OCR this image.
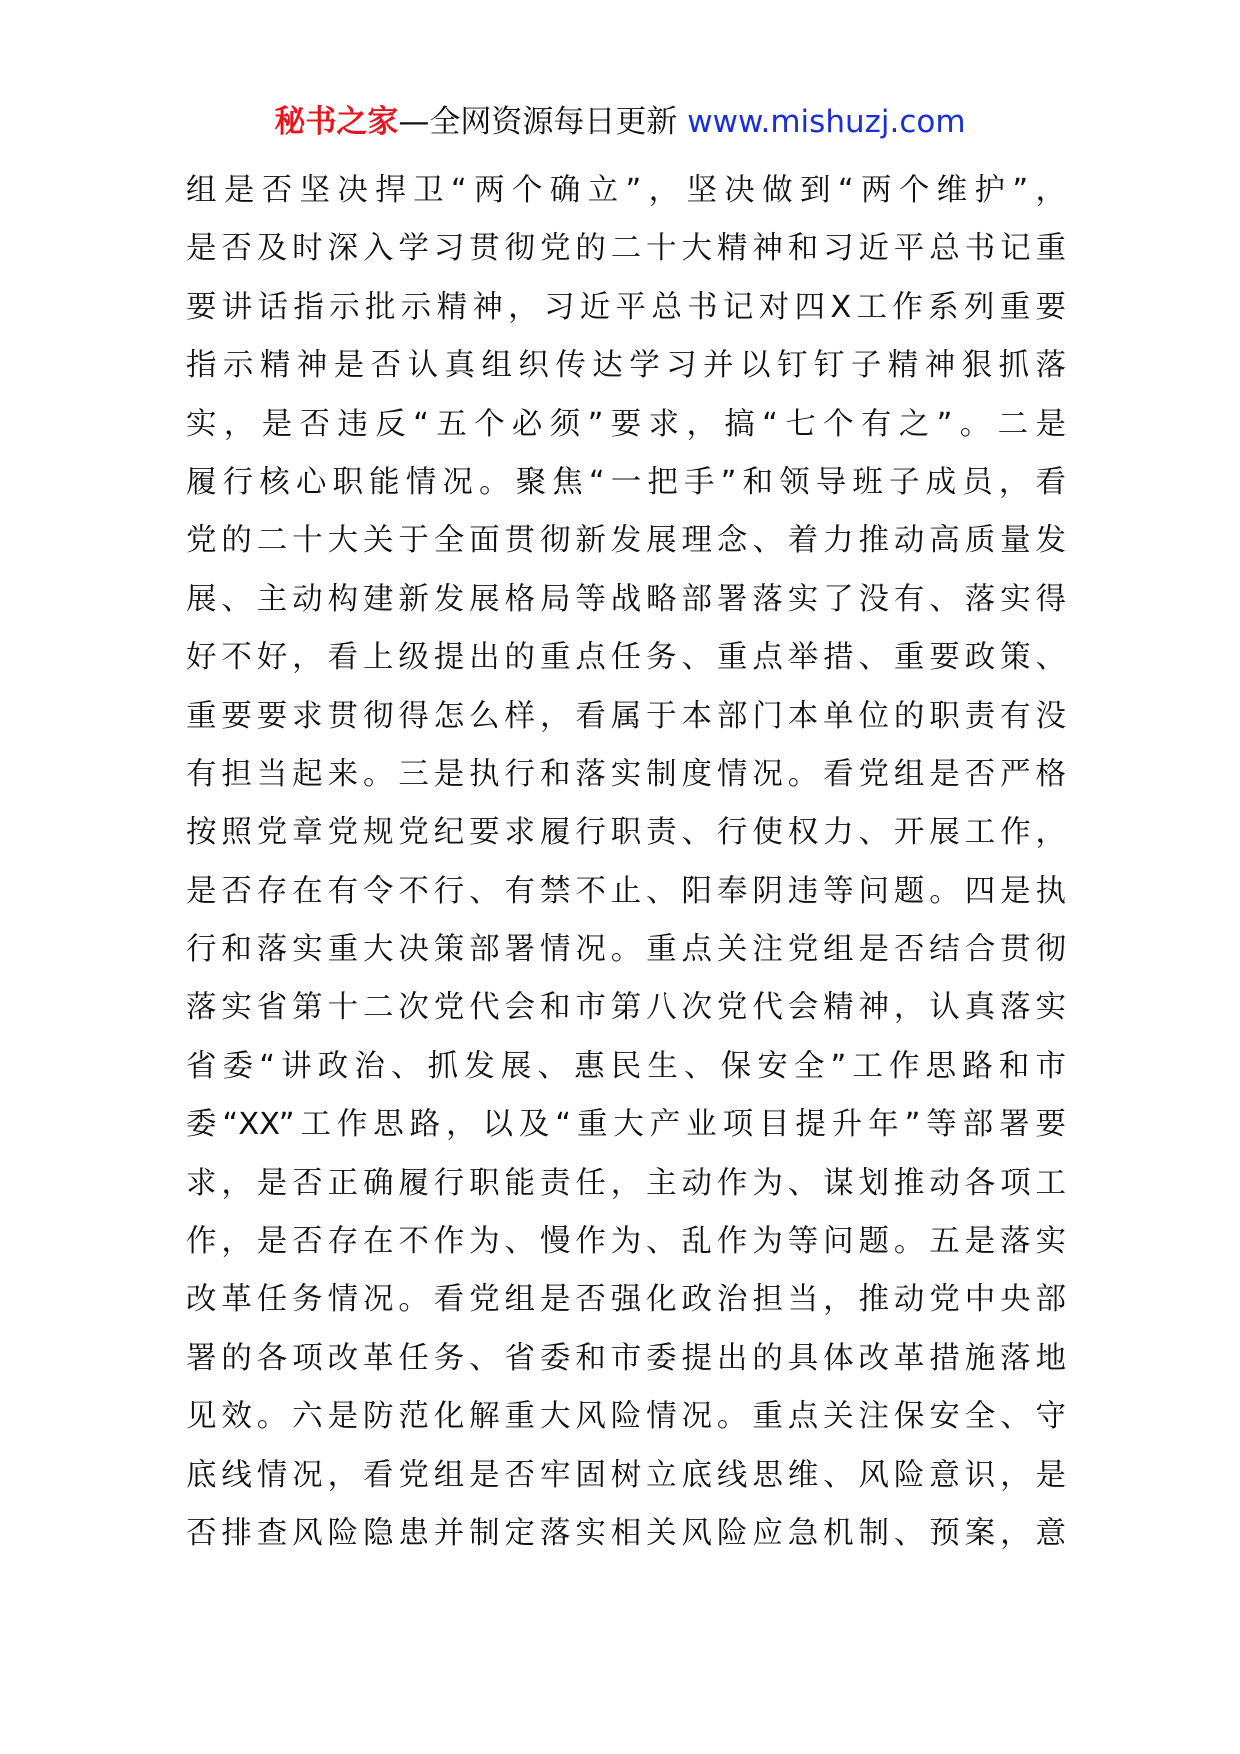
秘书之家—全网资源每日更新 www.mishuzj.com
组是否坚决捍卫“两个确立”，坚决做到“两个维护”，
是否及时深入学习贯彻党的二十大精神和习近平总书记重
要讲话指示批示精神，习近平总书记对四X工作系列重要
指示精神是否认真组织传达学习并以钉钉子精神狠抓落
实，是否违反“五个必须”要求，搞“七个有之”。二是
履行核心职能情况。聚焦“一把手”和领导班子成员，看
党的二十大关于全面贯彻新发展理念、着力推动高质量发
展、主动构建新发展格局等战略部署落实了没有、落实得
好不好，看上级提出的重点任务、重点举措、重要政策、
重要要求贯彻得怎么样，看属于本部门本单位的职责有没
有担当起来。三是执行和落实制度情况。看党组是否严格
按照党章党规党纪要求履行职责、行使权力、开展工作，
是否存在有令不行、有禁不止、阳奉阴违等问题。四是执
行和落实重大决策部署情况。重点关注党组是否结合贯彻
落实省第十二次党代会和市第八次党代会精神，认真落实
省委“讲政治、抓发展、惠民生、保安全”工作思路和市
委“XX”工作思路，以及“重大产业项目提升年”等部署要
求，是否正确履行职能责任，主动作为、谋划推动各项工
作，是否存在不作为、慢作为、乱作为等问题。五是落实
改革任务情况。看党组是否强化政治担当，推动党中央部
署的各项改革任务、省委和市委提出的具体改革措施落地
见效。六是防范化解重大风险情况。重点关注保安全、守
底线情况，看党组是否牢固树立底线思维、风险意识，是
否排查风险隐患并制定落实相关风险应急机制、预案，意
